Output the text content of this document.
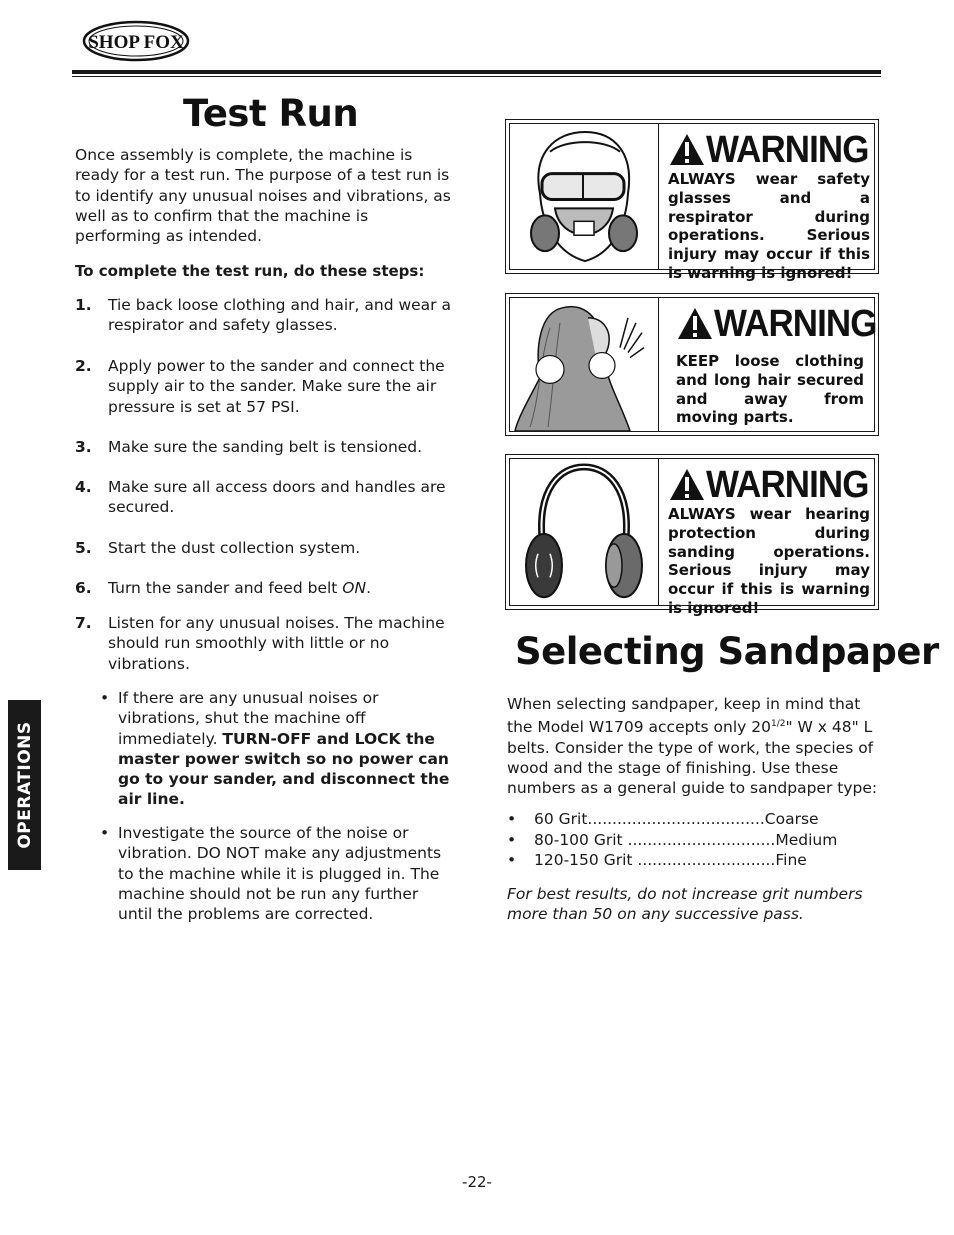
SHOP FOX
Test Run

Once assembly is complete, the machine is ready for a test run. The purpose of a test run is to identify any unusual noises and vibrations, as well as to confirm that the machine is performing as intended.

To complete the test run, do these steps:

1. Tie back loose clothing and hair, and wear a respirator and safety glasses.
2. Apply power to the sander and connect the supply air to the sander. Make sure the air pressure is set at 57 PSI.
3. Make sure the sanding belt is tensioned.
4. Make sure all access doors and handles are secured.
5. Start the dust collection system.
6. Turn the sander and feed belt ON.
7. Listen for any unusual noises. The machine should run smoothly with little or no vibrations.
• If there are any unusual noises or vibrations, shut the machine off immediately. TURN-OFF and LOCK the master power switch so no power can go to your sander, and disconnect the air line.
• Investigate the source of the noise or vibration. DO NOT make any adjustments to the machine while it is plugged in. The machine should not be run any further until the problems are corrected.
WARNING
ALWAYS wear safety glasses and a respirator during operations. Serious injury may occur if this is warning is ignored!
WARNING
KEEP loose clothing and long hair secured and away from moving parts.
WARNING
ALWAYS wear hearing protection during sanding operations. Serious injury may occur if this is warning is ignored!
Selecting Sandpaper

When selecting sandpaper, keep in mind that the Model W1709 accepts only $20^{1/2}$" W x 48" L belts. Consider the type of work, the species of wood and the stage of finishing. Use these numbers as a general guide to sandpaper type:

• 60 Grit....................................Coarse
• 80-100 Grit ..............................Medium
• 120-150 Grit ............................Fine

For best results, do not increase grit numbers more than 50 on any successive pass.

OPERATIONS
-22-
